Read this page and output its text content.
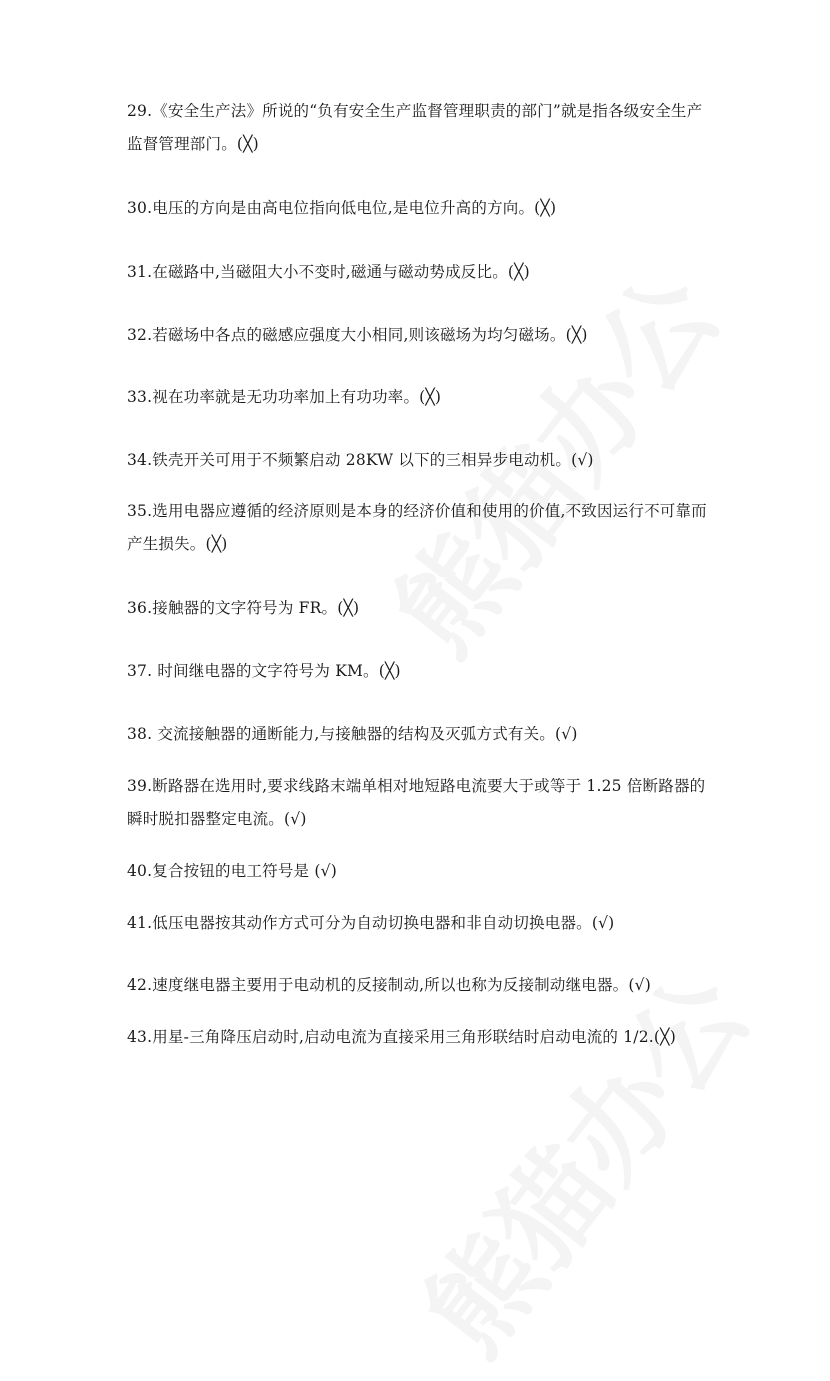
29.《安全生产法》所说的“负有安全生产监督管理职责的部门”就是指各级安全生产监督管理部门。(╳)
30.电压的方向是由高电位指向低电位,是电位升高的方向。(╳)
31.在磁路中,当磁阻大小不变时,磁通与磁动势成反比。(╳)
32.若磁场中各点的磁感应强度大小相同,则该磁场为均匀磁场。(╳)
33.视在功率就是无功功率加上有功功率。(╳)
34.铁壳开关可用于不频繁启动 28KW 以下的三相异步电动机。(√)
35.选用电器应遵循的经济原则是本身的经济价值和使用的价值,不致因运行不可靠而产生损失。(╳)
36.接触器的文字符号为 FR。(╳)
37. 时间继电器的文字符号为 KM。(╳)
38. 交流接触器的通断能力,与接触器的结构及灭弧方式有关。(√)
39.断路器在选用时,要求线路末端单相对地短路电流要大于或等于 1.25 倍断路器的瞬时脱扣器整定电流。(√)
40.复合按钮的电工符号是 (√)
41.低压电器按其动作方式可分为自动切换电器和非自动切换电器。(√)
42.速度继电器主要用于电动机的反接制动,所以也称为反接制动继电器。(√)
43.用星-三角降压启动时,启动电流为直接采用三角形联结时启动电流的 1/2.(╳)
